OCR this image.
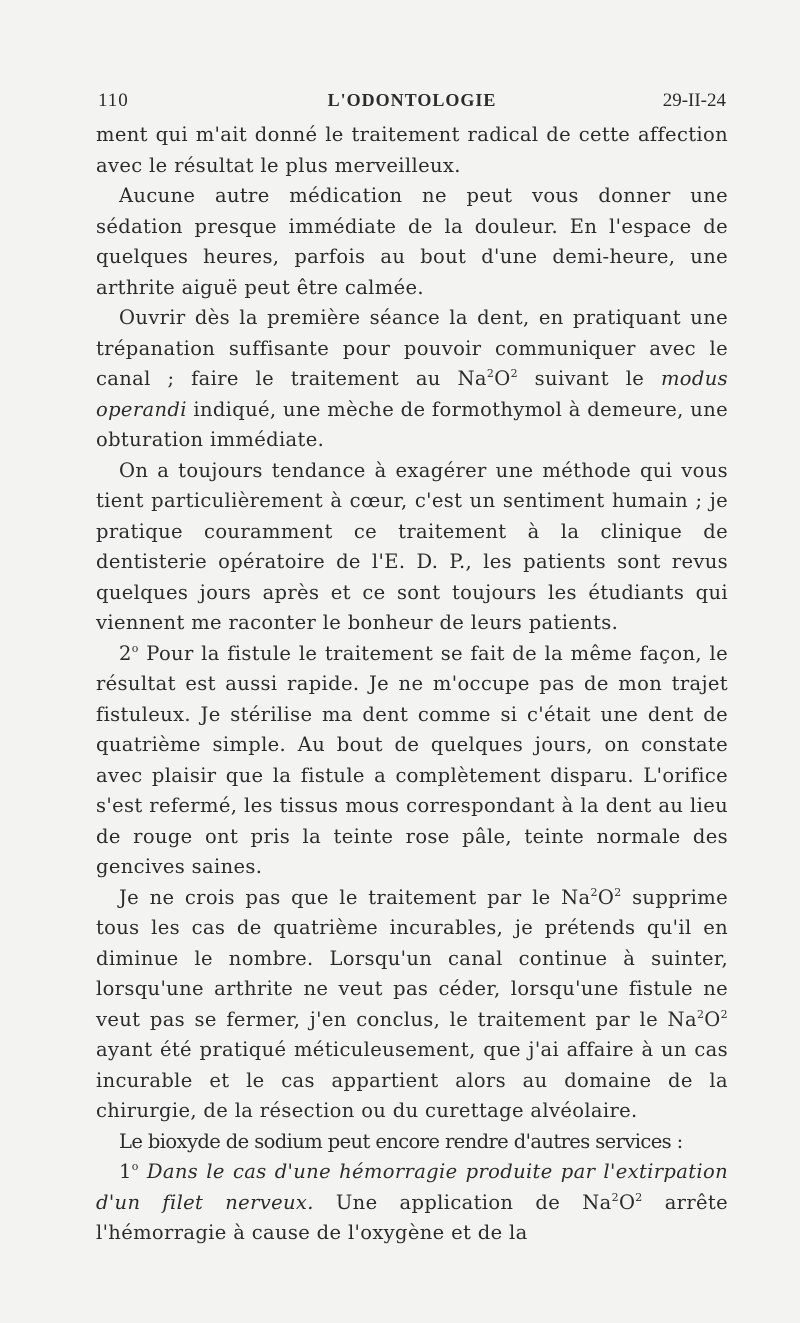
110	L'ODONTOLOGIE	29-II-24

ment qui m'ait donné le traitement radical de cette affection avec le résultat le plus merveilleux.

Aucune autre médication ne peut vous donner une sédation presque immédiate de la douleur. En l'espace de quelques heures, parfois au bout d'une demi-heure, une arthrite aiguë peut être calmée.

Ouvrir dès la première séance la dent, en pratiquant une trépanation suffisante pour pouvoir communiquer avec le canal ; faire le traitement au $Na^2O^2$ suivant le modus operandi indiqué, une mèche de formothymol à demeure, une obturation immédiate.

On a toujours tendance à exagérer une méthode qui vous tient particulièrement à cœur, c'est un sentiment humain ; je pratique couramment ce traitement à la clinique de dentisterie opératoire de l'E. D. P., les patients sont revus quelques jours après et ce sont toujours les étudiants qui viennent me raconter le bonheur de leurs patients.

2$^o$ Pour la fistule le traitement se fait de la même façon, le résultat est aussi rapide. Je ne m'occupe pas de mon trajet fistuleux. Je stérilise ma dent comme si c'était une dent de quatrième simple. Au bout de quelques jours, on constate avec plaisir que la fistule a complètement disparu. L'orifice s'est refermé, les tissus mous correspondant à la dent au lieu de rouge ont pris la teinte rose pâle, teinte normale des gencives saines.

Je ne crois pas que le traitement par le $Na^2O^2$ supprime tous les cas de quatrième incurables, je prétends qu'il en diminue le nombre. Lorsqu'un canal continue à suinter, lorsqu'une arthrite ne veut pas céder, lorsqu'une fistule ne veut pas se fermer, j'en conclus, le traitement par le $Na^2O^2$ ayant été pratiqué méticuleusement, que j'ai affaire à un cas incurable et le cas appartient alors au domaine de la chirurgie, de la résection ou du curettage alvéolaire.

Le bioxyde de sodium peut encore rendre d'autres services :

1$^o$ Dans le cas d'une hémorragie produite par l'extirpation d'un filet nerveux. Une application de $Na^2O^2$ arrête l'hémorragie à cause de l'oxygène et de la
